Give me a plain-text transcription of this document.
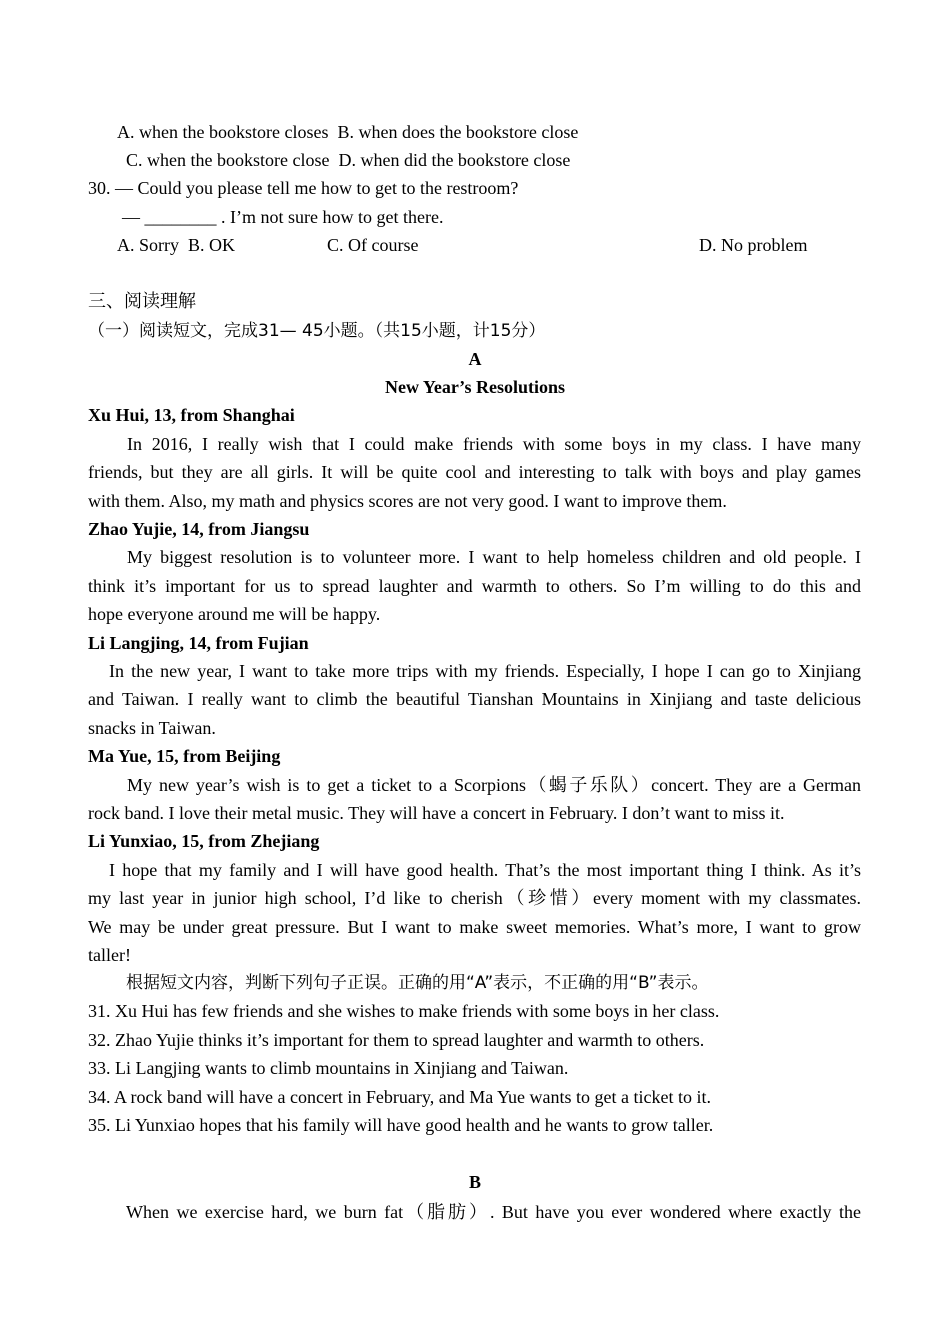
A. when the bookstore closes  B. when does the bookstore close
C. when the bookstore close  D. when did the bookstore close
30. — Could you please tell me how to get to the restroom?
— ________ . I’m not sure how to get there.
A. Sorry  B. OK	C. Of course	D. No problem
三、阅读理解
（一）阅读短文，完成31— 45小题。（共15小题，计15分）
A
New Year’s Resolutions
Xu Hui, 13, from Shanghai
In 2016, I really wish that I could make friends with some boys in my class. I have many
friends, but they are all girls. It will be quite cool and interesting to talk with boys and play games
with them. Also, my math and physics scores are not very good. I want to improve them.
Zhao Yujie, 14, from Jiangsu
My biggest resolution is to volunteer more. I want to help homeless children and old people. I
think it’s important for us to spread laughter and warmth to others. So I’m willing to do this and
hope everyone around me will be happy.
Li Langjing, 14, from Fujian
In the new year, I want to take more trips with my friends. Especially, I hope I can go to Xinjiang
and Taiwan. I really want to climb the beautiful Tianshan Mountains in Xinjiang and taste delicious
snacks in Taiwan.
Ma Yue, 15, from Beijing
My new year’s wish is to get a ticket to a Scorpions（蝎子乐队）concert. They are a German
rock band. I love their metal music. They will have a concert in February. I don’t want to miss it.
Li Yunxiao, 15, from Zhejiang
I hope that my family and I will have good health. That’s the most important thing I think. As it’s
my last year in junior high school, I’d like to cherish（珍惜）every moment with my classmates.
We may be under great pressure. But I want to make sweet memories. What’s more, I want to grow
taller!
根据短文内容，判断下列句子正误。正确的用“A”表示，不正确的用“B”表示。
31. Xu Hui has few friends and she wishes to make friends with some boys in her class.
32. Zhao Yujie thinks it’s important for them to spread laughter and warmth to others.
33. Li Langjing wants to climb mountains in Xinjiang and Taiwan.
34. A rock band will have a concert in February, and Ma Yue wants to get a ticket to it.
35. Li Yunxiao hopes that his family will have good health and he wants to grow taller.
B
When we exercise hard, we burn fat（脂肪）. But have you ever wondered where exactly the
